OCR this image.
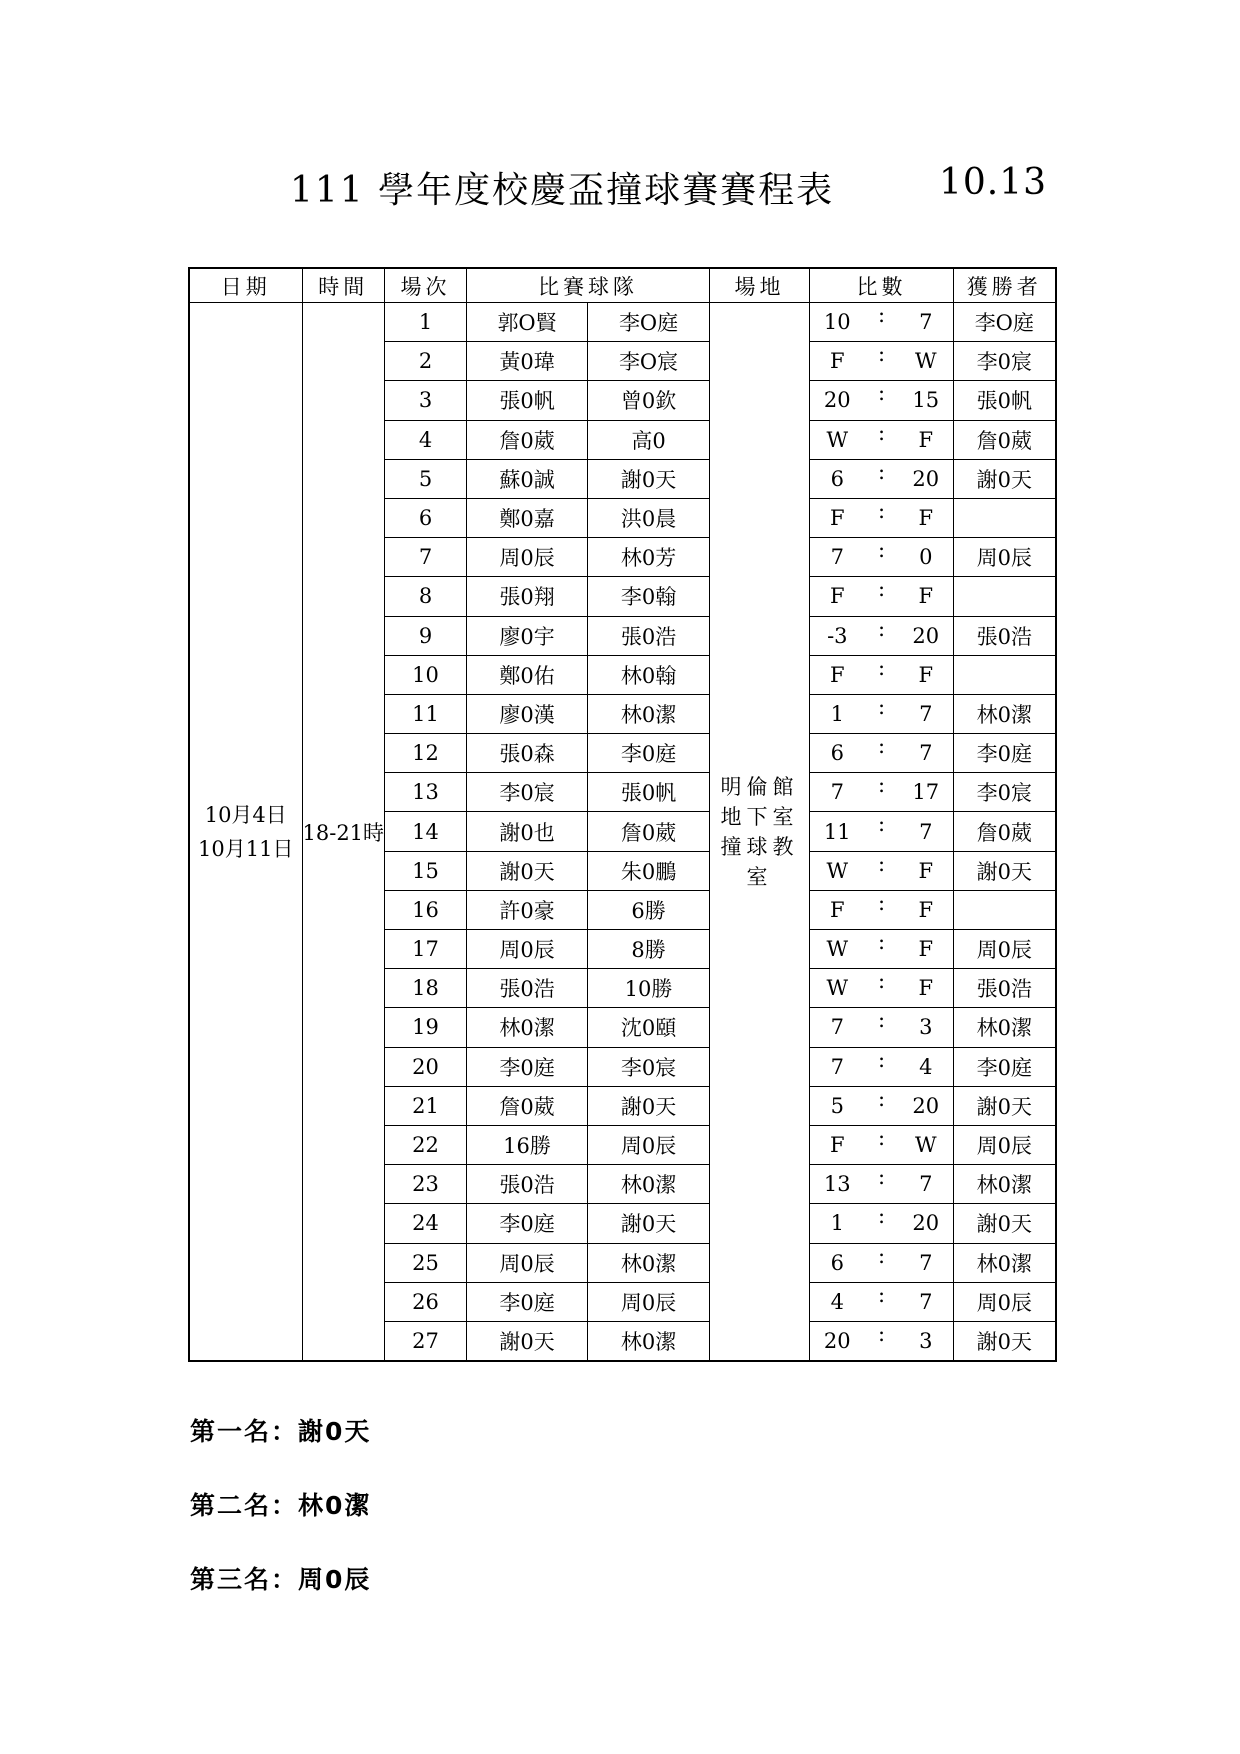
111 學年度校慶盃撞球賽賽程表	10.13
日期	時間	場次	比賽球隊		場地	比數			獲勝者

10月4日
10月11日	18-21時	1	郭O賢	李O庭	明倫館地下室撞球教室	10	:	7	李O庭
		2	黃0瑋	李O宸		F	:	W	李0宸
		3	張0帆	曾0欽		20	:	15	張0帆
		4	詹0葳	高0		W	:	F	詹0葳
		5	蘇0誠	謝0天		6	:	20	謝0天
		6	鄭0嘉	洪0晨		F	:	F	
		7	周0辰	林0芳		7	:	0	周0辰
		8	張0翔	李0翰		F	:	F	
		9	廖0宇	張0浩		-3	:	20	張0浩
		10	鄭0佑	林0翰		F	:	F	
		11	廖0漢	林0潔		1	:	7	林0潔
		12	張0森	李0庭		6	:	7	李0庭
		13	李0宸	張0帆		7	:	17	李0宸
		14	謝0也	詹0葳		11	:	7	詹0葳
		15	謝0天	朱0鵬		W	:	F	謝0天
		16	許0豪	6勝		F	:	F	
		17	周0辰	8勝		W	:	F	周0辰
		18	張0浩	10勝		W	:	F	張0浩
		19	林0潔	沈0頤		7	:	3	林0潔
		20	李0庭	李0宸		7	:	4	李0庭
		21	詹0葳	謝0天		5	:	20	謝0天
		22	16勝	周0辰		F	:	W	周0辰
		23	張0浩	林0潔		13	:	7	林0潔
		24	李0庭	謝0天		1	:	20	謝0天
		25	周0辰	林0潔		6	:	7	林0潔
		26	李0庭	周0辰		4	:	7	周0辰
		27	謝0天	林0潔		20	:	3	謝0天
第一名：謝0天
第二名：林0潔
第三名：周0辰
